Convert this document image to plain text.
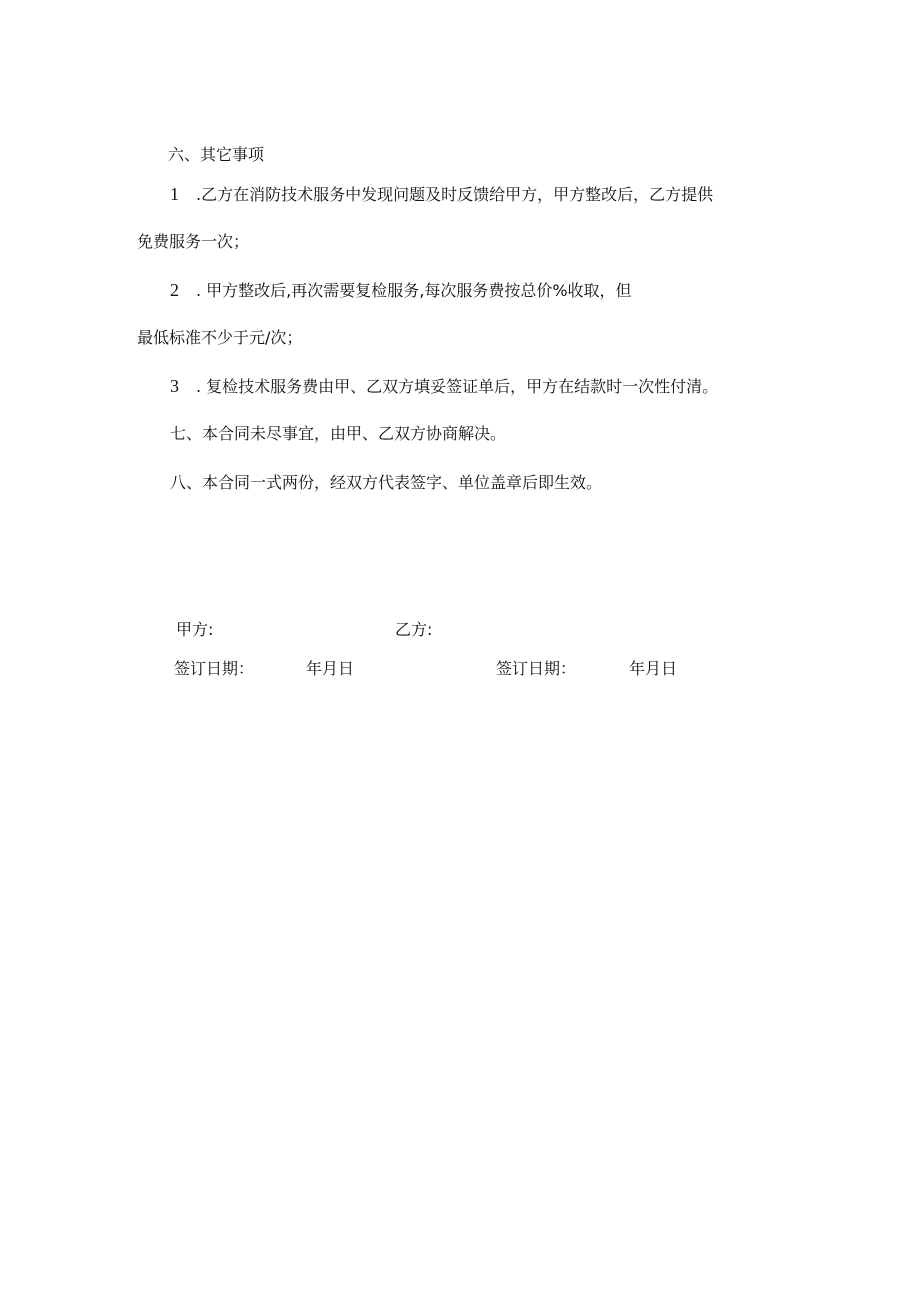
六、其它事项
1 .乙方在消防技术服务中发现问题及时反馈给甲方，甲方整改后，乙方提供
免费服务一次；
2 . 甲方整改后,再次需要复检服务,每次服务费按总价%收取，但
最低标准不少于元/次；
3 . 复检技术服务费由甲、乙双方填妥签证单后，甲方在结款时一次性付清。
七、本合同未尽事宜，由甲、乙双方协商解决。
八、本合同一式两份，经双方代表签字、单位盖章后即生效。
甲方:	乙方:
签订日期：	年月日	签订日期：	年月日
